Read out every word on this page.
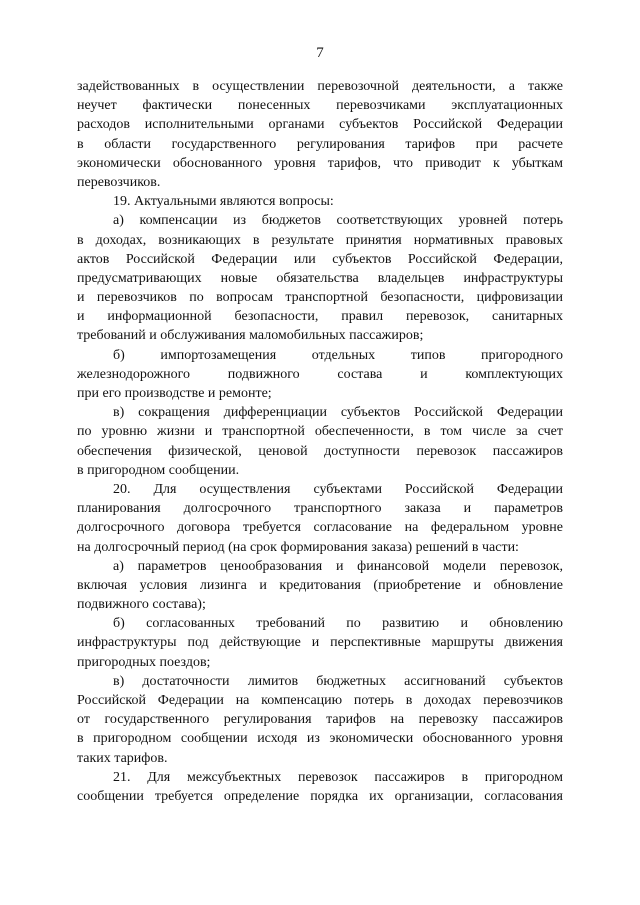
7
задействованных в осуществлении перевозочной деятельности, а также
неучет фактически понесенных перевозчиками эксплуатационных
расходов исполнительными органами субъектов Российской Федерации
в области государственного регулирования тарифов при расчете
экономически обоснованного уровня тарифов, что приводит к убыткам
перевозчиков.
19. Актуальными являются вопросы:
а) компенсации из бюджетов соответствующих уровней потерь
в доходах, возникающих в результате принятия нормативных правовых
актов Российской Федерации или субъектов Российской Федерации,
предусматривающих новые обязательства владельцев инфраструктуры
и перевозчиков по вопросам транспортной безопасности, цифровизации
и информационной безопасности, правил перевозок, санитарных
требований и обслуживания маломобильных пассажиров;
б) импортозамещения отдельных типов пригородного
железнодорожного подвижного состава и комплектующих
при его производстве и ремонте;
в) сокращения дифференциации субъектов Российской Федерации
по уровню жизни и транспортной обеспеченности, в том числе за счет
обеспечения физической, ценовой доступности перевозок пассажиров
в пригородном сообщении.
20. Для осуществления субъектами Российской Федерации
планирования долгосрочного транспортного заказа и параметров
долгосрочного договора требуется согласование на федеральном уровне
на долгосрочный период (на срок формирования заказа) решений в части:
а) параметров ценообразования и финансовой модели перевозок,
включая условия лизинга и кредитования (приобретение и обновление
подвижного состава);
б) согласованных требований по развитию и обновлению
инфраструктуры под действующие и перспективные маршруты движения
пригородных поездов;
в) достаточности лимитов бюджетных ассигнований субъектов
Российской Федерации на компенсацию потерь в доходах перевозчиков
от государственного регулирования тарифов на перевозку пассажиров
в пригородном сообщении исходя из экономически обоснованного уровня
таких тарифов.
21. Для межсубъектных перевозок пассажиров в пригородном
сообщении требуется определение порядка их организации, согласования
